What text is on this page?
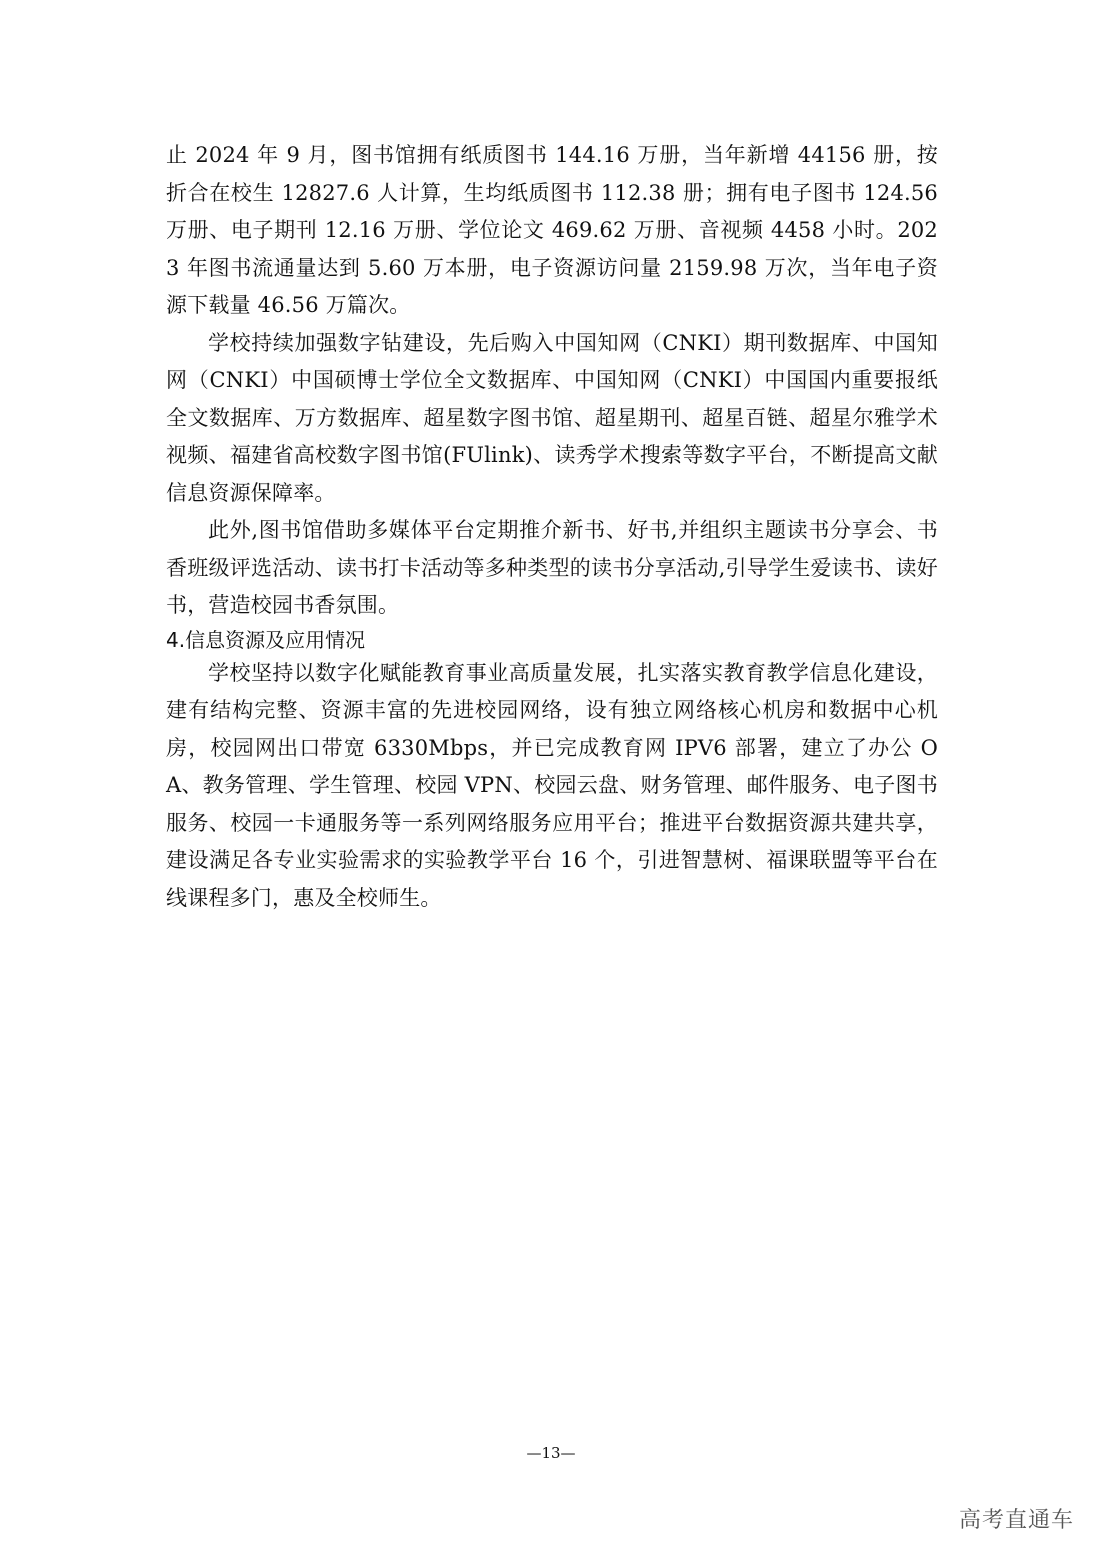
止 2024 年 9 月，图书馆拥有纸质图书 144.16 万册，当年新增 44156 册，按折合在校生 12827.6 人计算，生均纸质图书 112.38 册；拥有电子图书 124.56 万册、电子期刊 12.16 万册、学位论文 469.62 万册、音视频 4458 小时。2023 年图书流通量达到 5.60 万本册，电子资源访问量 2159.98 万次，当年电子资源下载量 46.56 万篇次。

学校持续加强数字钻建设，先后购入中国知网（CNKI）期刊数据库、中国知网（CNKI）中国硕博士学位全文数据库、中国知网（CNKI）中国国内重要报纸全文数据库、万方数据库、超星数字图书馆、超星期刊、超星百链、超星尔雅学术视频、福建省高校数字图书馆(FUlink)、读秀学术搜索等数字平台，不断提高文献信息资源保障率。

此外,图书馆借助多媒体平台定期推介新书、好书,并组织主题读书分享会、书香班级评选活动、读书打卡活动等多种类型的读书分享活动,引导学生爱读书、读好书，营造校园书香氛围。

4.信息资源及应用情况

学校坚持以数字化赋能教育事业高质量发展，扎实落实教育教学信息化建设，建有结构完整、资源丰富的先进校园网络，设有独立网络核心机房和数据中心机房，校园网出口带宽 6330Mbps，并已完成教育网 IPV6 部署，建立了办公 OA、教务管理、学生管理、校园 VPN、校园云盘、财务管理、邮件服务、电子图书服务、校园一卡通服务等一系列网络服务应用平台；推进平台数据资源共建共享，建设满足各专业实验需求的实验教学平台 16 个，引进智慧树、福课联盟等平台在线课程多门，惠及全校师生。

—13—
高考直通车
